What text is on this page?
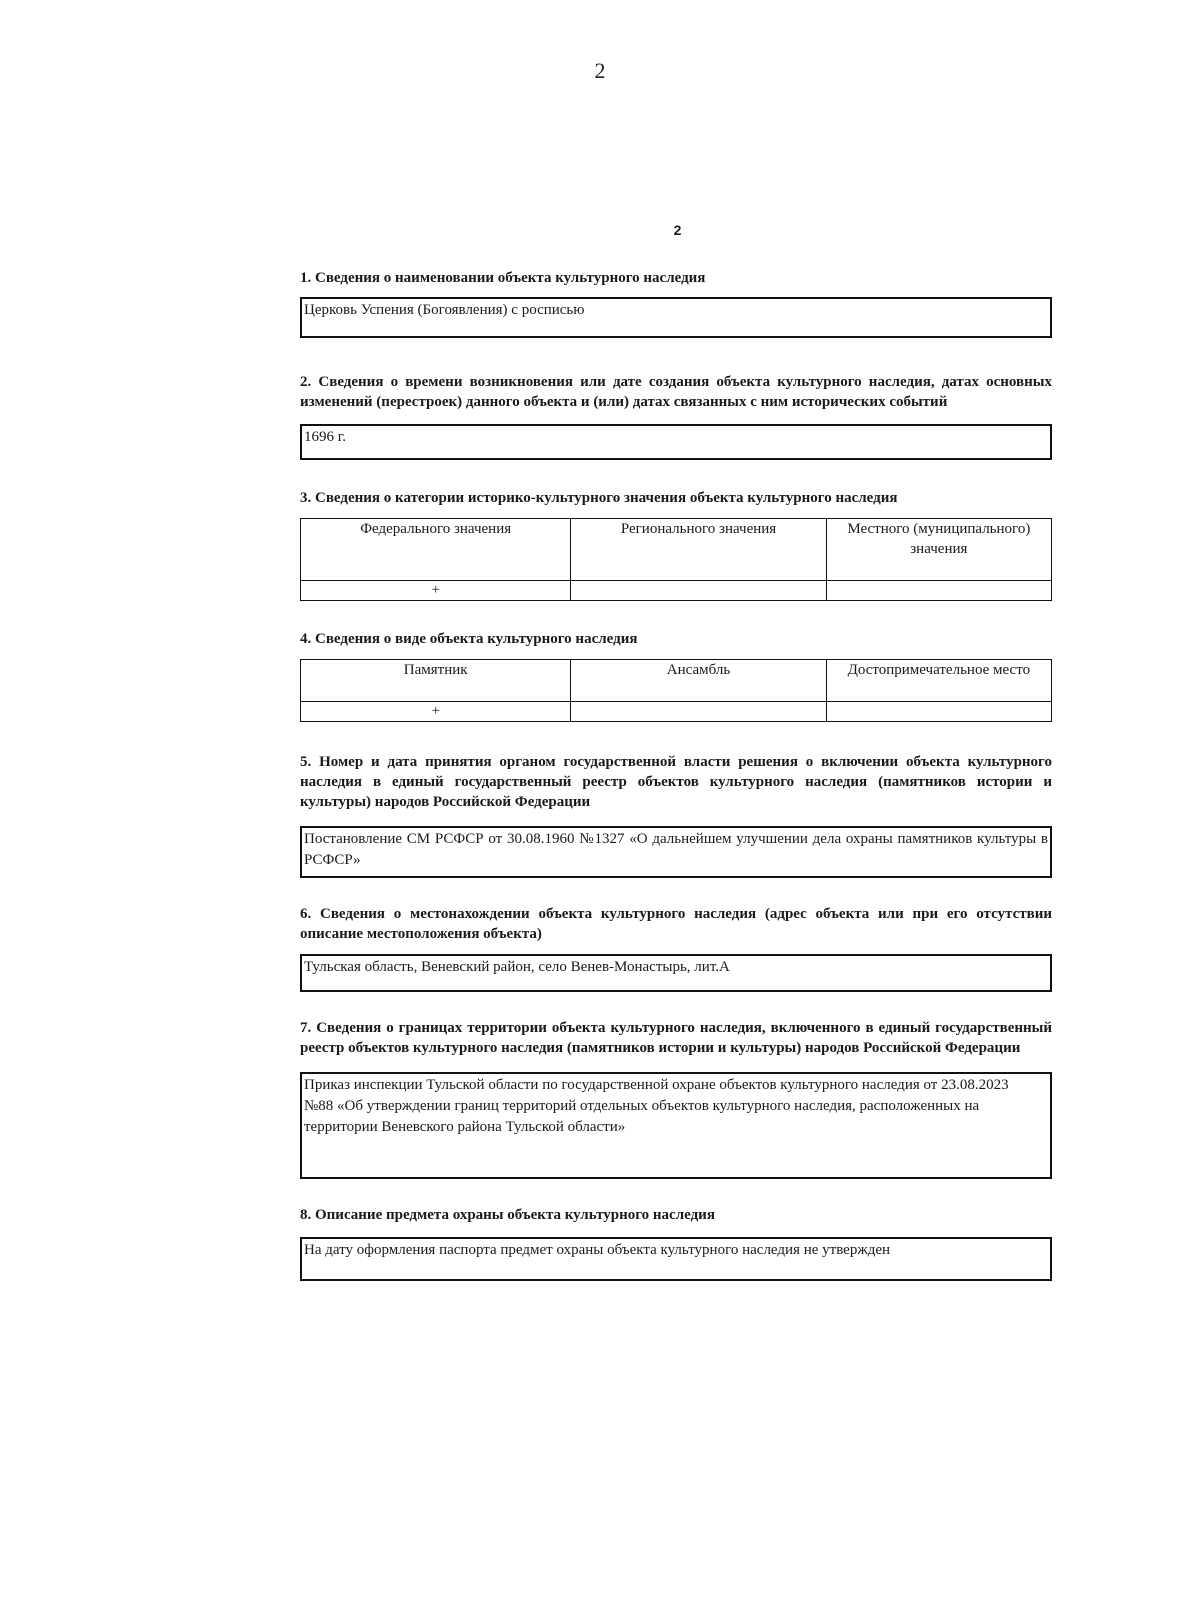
2
2
1. Сведения о наименовании объекта культурного наследия
Церковь Успения (Богоявления) с росписью
2. Сведения о времени возникновения или дате создания объекта культурного наследия, датах основных изменений (перестроек) данного объекта и (или) датах связанных с ним исторических событий
1696 г.
3. Сведения о категории историко-культурного значения объекта культурного наследия
Федерального значения	Регионального значения	Местного (муниципального) значения
+		
4. Сведения о виде объекта культурного наследия
Памятник	Ансамбль	Достопримечательное место
+		
5. Номер и дата принятия органом государственной власти решения о включении объекта культурного наследия в единый государственный реестр объектов культурного наследия (памятников истории и культуры) народов Российской Федерации
Постановление СМ РСФСР от 30.08.1960 №1327 «О дальнейшем улучшении дела охраны памятников культуры в РСФСР»
6. Сведения о местонахождении объекта культурного наследия (адрес объекта или при его отсутствии описание местоположения объекта)
Тульская область, Веневский район, село Венев-Монастырь, лит.А
7. Сведения о границах территории объекта культурного наследия, включенного в единый государственный реестр объектов культурного наследия (памятников истории и культуры) народов Российской Федерации
Приказ инспекции Тульской области по государственной охране объектов культурного наследия от 23.08.2023 №88 «Об утверждении границ территорий отдельных объектов культурного наследия, расположенных на территории Веневского района Тульской области»
8. Описание предмета охраны объекта культурного наследия
На дату оформления паспорта предмет охраны объекта культурного наследия не утвержден
